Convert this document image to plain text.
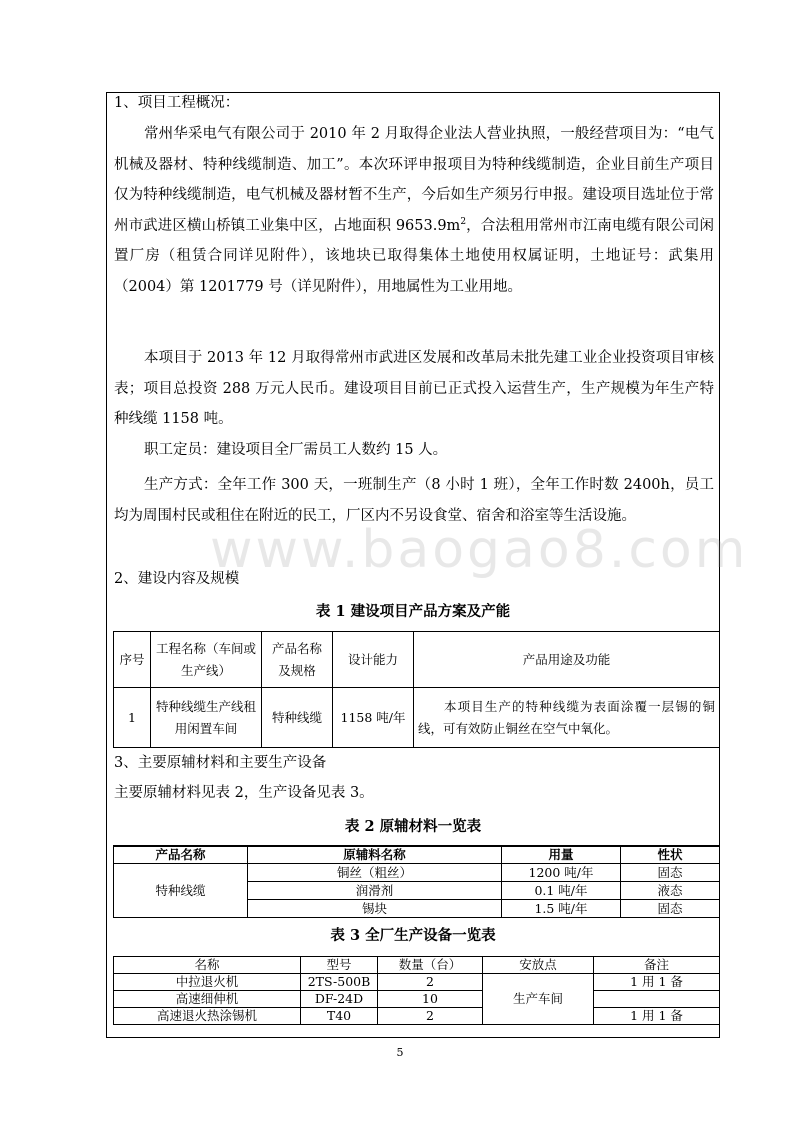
www.baogao8.com
1、项目工程概况：
常州华采电气有限公司于 2010 年 2 月取得企业法人营业执照，一般经营项目为：“电气机械及器材、特种线缆制造、加工”。本次环评申报项目为特种线缆制造，企业目前生产项目仅为特种线缆制造，电气机械及器材暂不生产，今后如生产须另行申报。建设项目选址位于常州市武进区横山桥镇工业集中区，占地面积 $9653.9m^2$，合法租用常州市江南电缆有限公司闲置厂房（租赁合同详见附件），该地块已取得集体土地使用权属证明，土地证号：武集用（2004）第 1201779 号（详见附件），用地属性为工业用地。
本项目于 2013 年 12 月取得常州市武进区发展和改革局未批先建工业企业投资项目审核表；项目总投资 288 万元人民币。建设项目目前已正式投入运营生产，生产规模为年生产特种线缆 1158 吨。
职工定员：建设项目全厂需员工人数约 15 人。
生产方式：全年工作 300 天，一班制生产（8 小时 1 班），全年工作时数 2400h，员工均为周围村民或租住在附近的民工，厂区内不另设食堂、宿舍和浴室等生活设施。
2、建设内容及规模
表 1 建设项目产品方案及产能
序号	工程名称（车间或生产线）	产品名称及规格	设计能力	产品用途及功能
1	特种线缆生产线租用闲置车间	特种线缆	1158 吨/年	本项目生产的特种线缆为表面涂覆一层锡的铜线，可有效防止铜丝在空气中氧化。
3、主要原辅材料和主要生产设备
主要原辅材料见表 2，生产设备见表 3。
表 2 原辅材料一览表
产品名称	原辅料名称	用量	性状
特种线缆	铜丝（粗丝）	1200 吨/年	固态
	润滑剂	0.1 吨/年	液态
	锡块	1.5 吨/年	固态
表 3 全厂生产设备一览表
名称	型号	数量（台）	安放点	备注
中拉退火机	2TS-500B	2	生产车间	1 用 1 备
高速细伸机	DF-24D	10		
高速退火热涂锡机	T40	2		1 用 1 备
5
